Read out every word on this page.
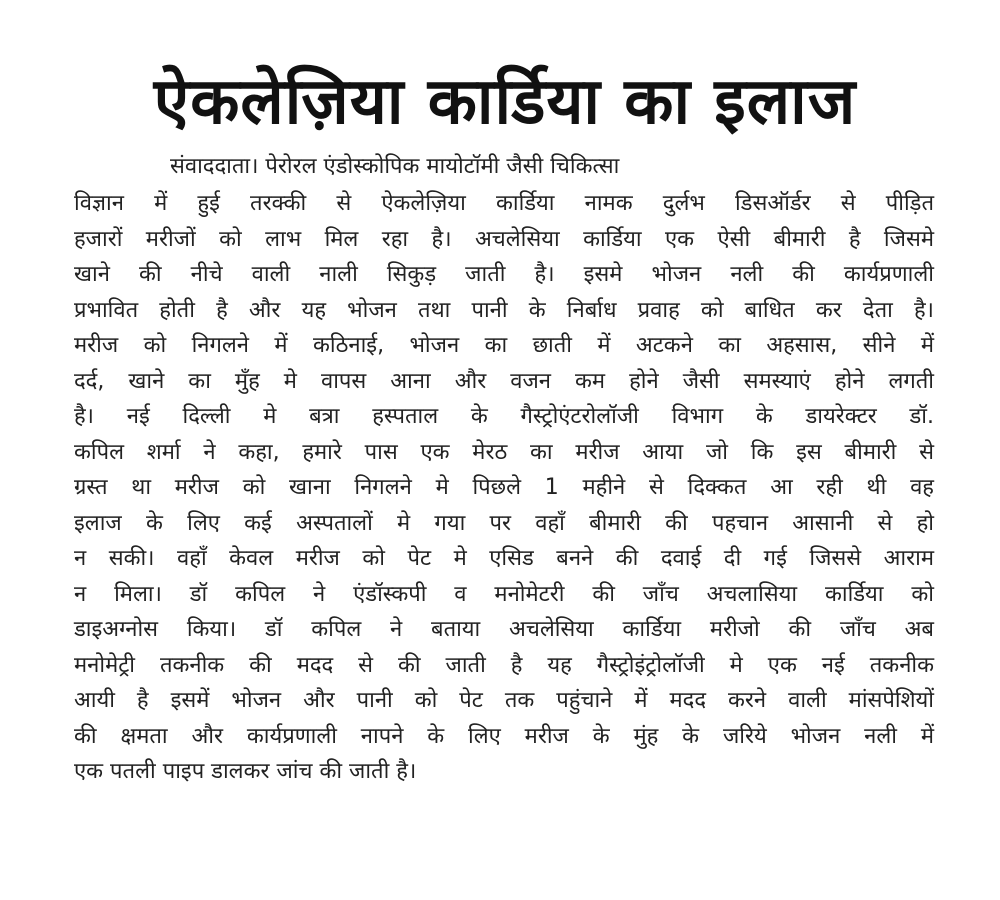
ऐकलेज़िया कार्डिया का इलाज
संवाददाता। पेरोरल एंडोस्कोपिक मायोटॉमी जैसी चिकित्सा
विज्ञान में हुई तरक्की से ऐकलेज़िया कार्डिया नामक दुर्लभ डिसऑर्डर से पीड़ित
हजारों मरीजों को लाभ मिल रहा है। अचलेसिया कार्डिया एक ऐसी बीमारी है जिसमे
खाने की नीचे वाली नाली सिकुड़ जाती है। इसमे भोजन नली की कार्यप्रणाली
प्रभावित होती है और यह भोजन तथा पानी के निर्बाध प्रवाह को बाधित कर देता है।
मरीज को निगलने में कठिनाई, भोजन का छाती में अटकने का अहसास, सीने में
दर्द, खाने का मुँह मे वापस आना और वजन कम होने जैसी समस्याएं होने लगती
है। नई दिल्ली मे बत्रा हस्पताल के गैस्ट्रोएंटरोलॉजी विभाग के डायरेक्टर डॉ.
कपिल शर्मा ने कहा, हमारे पास एक मेरठ का मरीज आया जो कि इस बीमारी से
ग्रस्त था मरीज को खाना निगलने मे पिछले 1 महीने से दिक्कत आ रही थी वह
इलाज के लिए कई अस्पतालों मे गया पर वहाँ बीमारी की पहचान आसानी से हो
न सकी। वहाँ केवल मरीज को पेट मे एसिड बनने की दवाई दी गई जिससे आराम
न मिला। डॉ कपिल ने एंडॉस्कपी व मनोमेटरी की जाँच अचलासिया कार्डिया को
डाइअग्नोस किया। डॉ कपिल ने बताया अचलेसिया कार्डिया मरीजो की जाँच अब
मनोमेट्री तकनीक की मदद से की जाती है यह गैस्ट्रोइंट्रोलॉजी मे एक नई तकनीक
आयी है इसमें भोजन और पानी को पेट तक पहुंचाने में मदद करने वाली मांसपेशियों
की क्षमता और कार्यप्रणाली नापने के लिए मरीज के मुंह के जरिये भोजन नली में
एक पतली पाइप डालकर जांच की जाती है।
